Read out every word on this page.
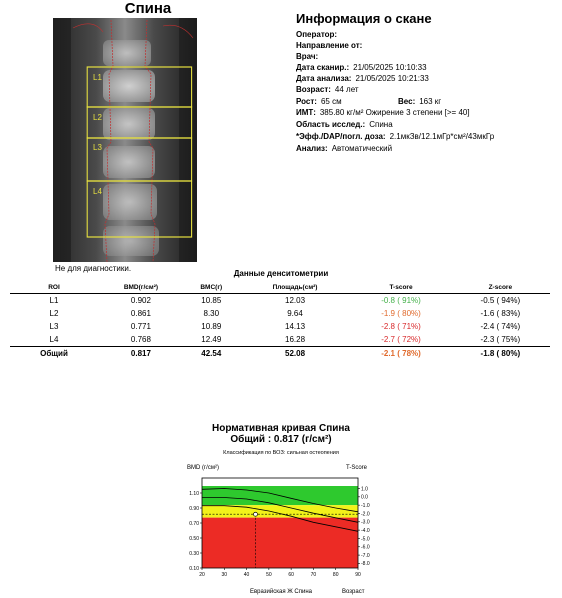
Спина
L1
L2
L3
L4
Не для диагностики.
Информация о скане
Оператор:
Направление от:
Врач:
Дата сканир.: 21/05/2025 10:10:33
Дата анализа: 21/05/2025 10:21:33
Возраст: 44 лет
Рост: 65 см	Вес: 163 кг
ИМТ: 385.80 кг/м² Ожирение 3 степени [>= 40]
Область исслед.: Спина
*Эфф./DAP/погл. доза: 2.1мкЗв/12.1мГр*см²/43мкГр
Анализ: Автоматический
Данные денситометрии
ROI	BMD(г/см²)	BMC(г)	Площадь(см²)	T-score	Z-score
L1	0.902	10.85	12.03	-0.8 ( 91%)	-0.5 ( 94%)
L2	0.861	8.30	9.64	-1.9 ( 80%)	-1.6 ( 83%)
L3	0.771	10.89	14.13	-2.8 ( 71%)	-2.4 ( 74%)
L4	0.768	12.49	16.28	-2.7 ( 72%)	-2.3 ( 75%)
Общий	0.817	42.54	52.08	-2.1 ( 78%)	-1.8 ( 80%)
Нормативная кривая Спина
Общий : 0.817 (г/см²)
Классификация по ВОЗ: сильная остеопения
BMD (г/см²)	T-Score
0.10
0.30
0.50
0.70
0.90
1.10
1.0
0.0
-1.0
-2.0
-3.0
-4.0
-5.0
-6.0
-7.0
-8.0
20	30	40	50	60	70	80	90
Евразийская Ж Спина	Возраст
